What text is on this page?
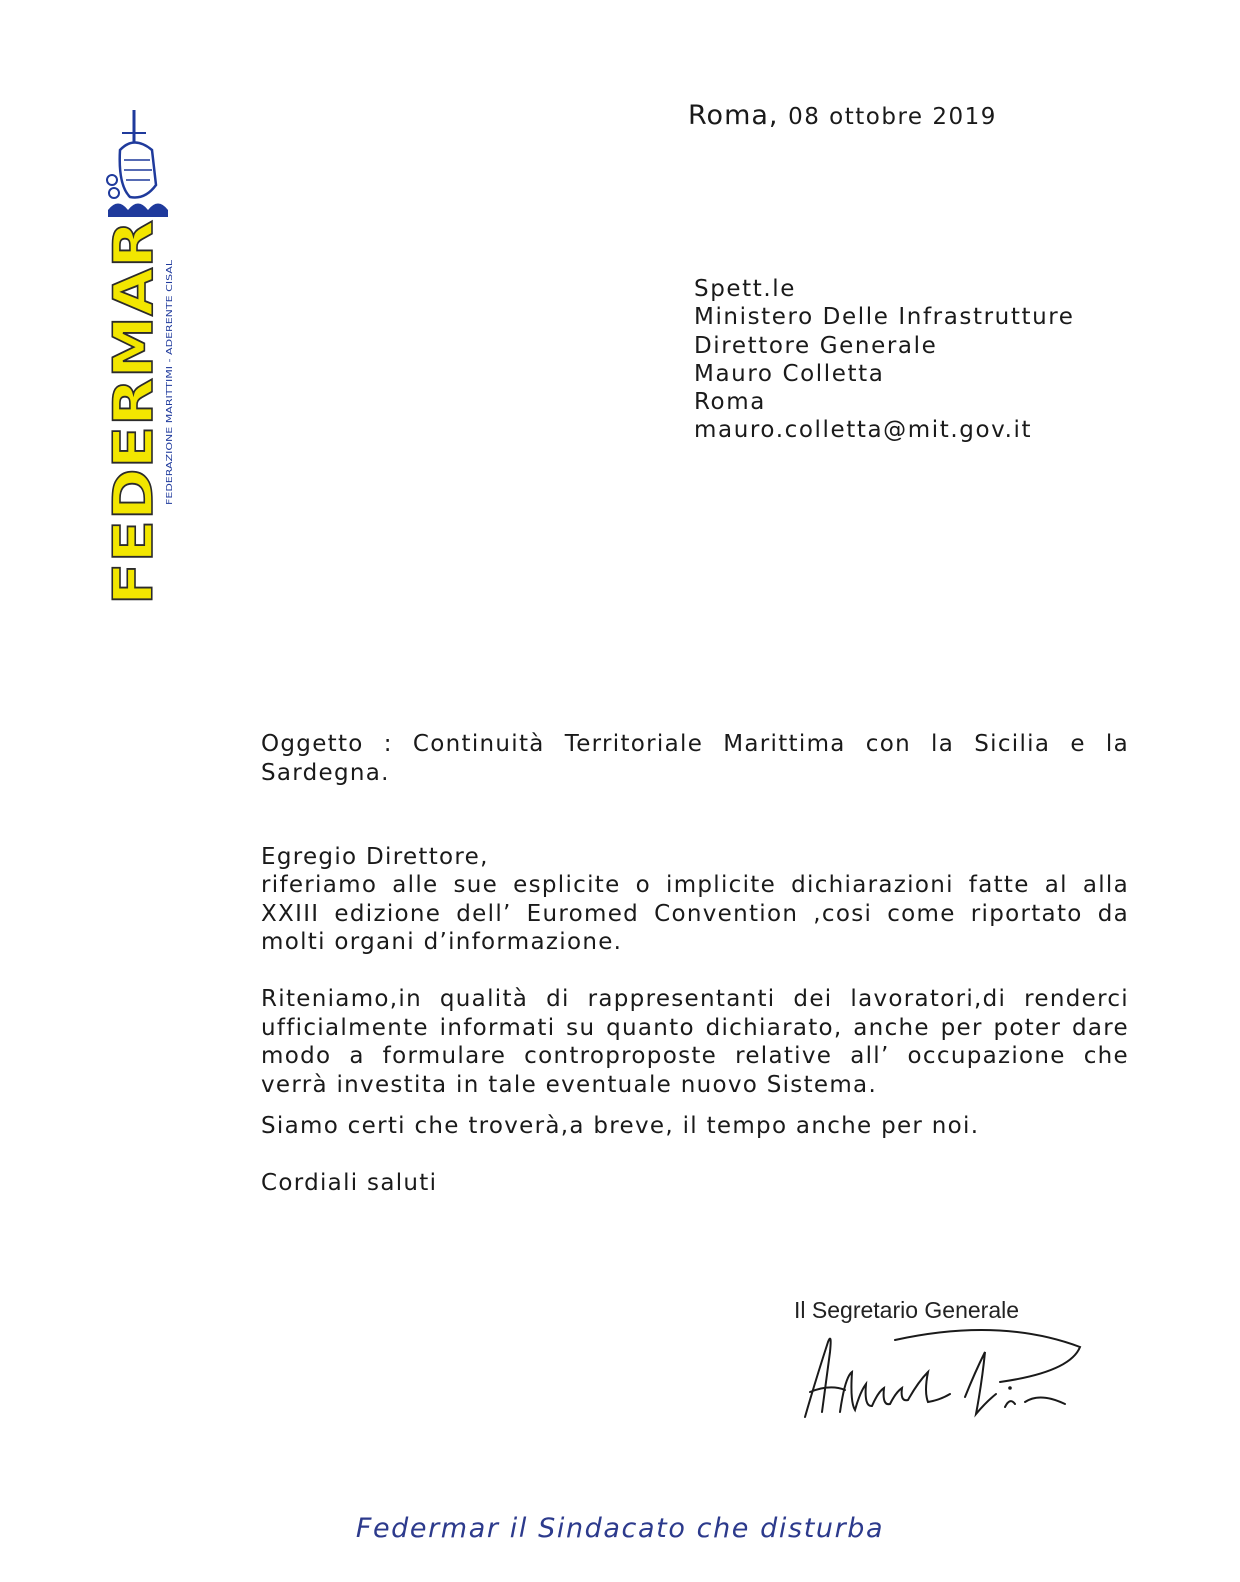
FEDERMAR FEDERAZIONE MARITTIMI - ADERENTE CISAL
Roma, 08 ottobre 2019
Spett.le
Ministero Delle Infrastrutture
Direttore Generale
Mauro Colletta
Roma
mauro.colletta@mit.gov.it
Oggetto : Continuità Territoriale Marittima con la Sicilia e la Sardegna.
Egregio Direttore,
riferiamo alle sue esplicite o implicite dichiarazioni fatte al alla XXIII edizione dell’ Euromed Convention ,cosi come riportato da molti organi d’informazione.
Riteniamo,in qualità di rappresentanti dei lavoratori,di renderci ufficialmente informati su quanto dichiarato, anche per poter dare modo a formulare controproposte relative all’ occupazione che verrà investita in tale eventuale nuovo Sistema.
Siamo certi che troverà,a breve, il tempo anche per noi.
Cordiali saluti
Il Segretario Generale
Federmar il Sindacato che disturba
